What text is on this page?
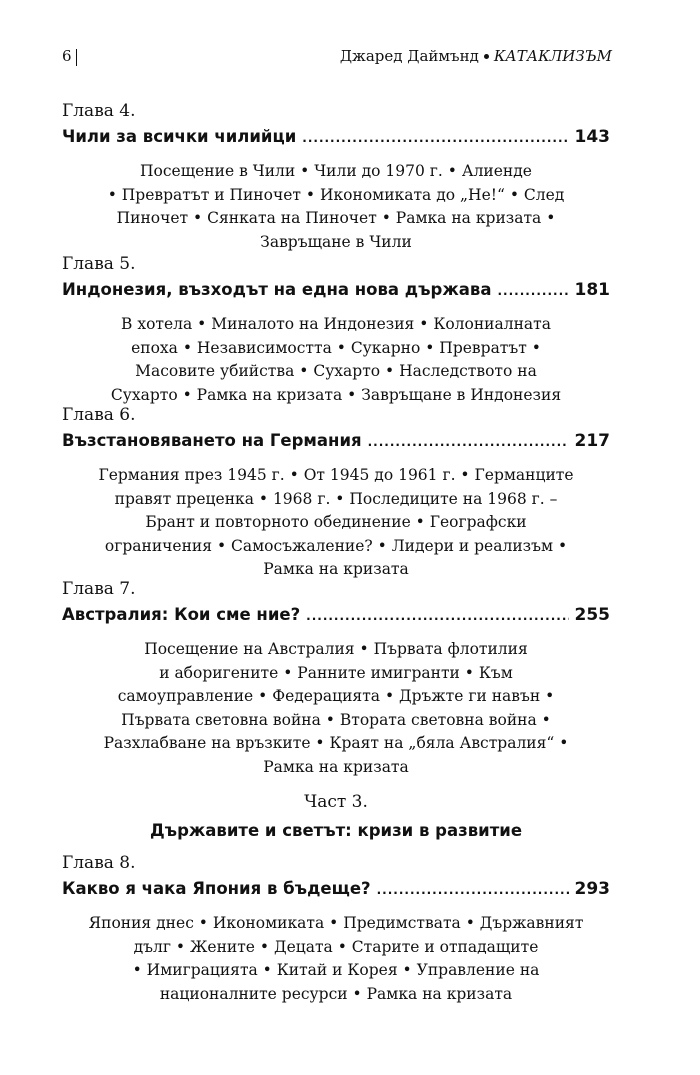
6	Джаред Даймънд КАТАКЛИЗЪМ
Глава 4.
Чили за всички чилийци .....	143
Посещение в Чили • Чили до 1970 г. • Алиенде
• Превратът и Пиночет • Икономиката до „Не!“ • След
Пиночет • Сянката на Пиночет • Рамка на кризата •
Завръщане в Чили
Глава 5.
Индонезия, възходът на една нова държава .....	181
В хотела • Миналото на Индонезия • Колониалната
епоха • Независимостта • Сукарно • Превратът •
Масовите убийства • Сухарто • Наследството на
Сухарто • Рамка на кризата • Завръщане в Индонезия
Глава 6.
Възстановяването на Германия .....	217
Германия през 1945 г. • От 1945 до 1961 г. • Германците
правят преценка • 1968 г. • Последиците на 1968 г. –
Брант и повторното обединение • Географски
ограничения • Самосъжаление? • Лидери и реализъм •
Рамка на кризата
Глава 7.
Австралия: Кои сме ние? .....	255
Посещение на Австралия • Първата флотилия
и аборигените • Ранните имигранти • Към
самоуправление • Федерацията • Дръжте ги навън •
Първата световна война • Втората световна война •
Разхлабване на връзките • Краят на „бяла Австралия“ •
Рамка на кризата
Част 3.
Държавите и светът: кризи в развитие
Глава 8.
Какво я чака Япония в бъдеще? .....	293
Япония днес • Икономиката • Предимствата • Държавният
дълг • Жените • Децата • Старите и отпадащите
• Имиграцията • Китай и Корея • Управление на
националните ресурси • Рамка на кризата
